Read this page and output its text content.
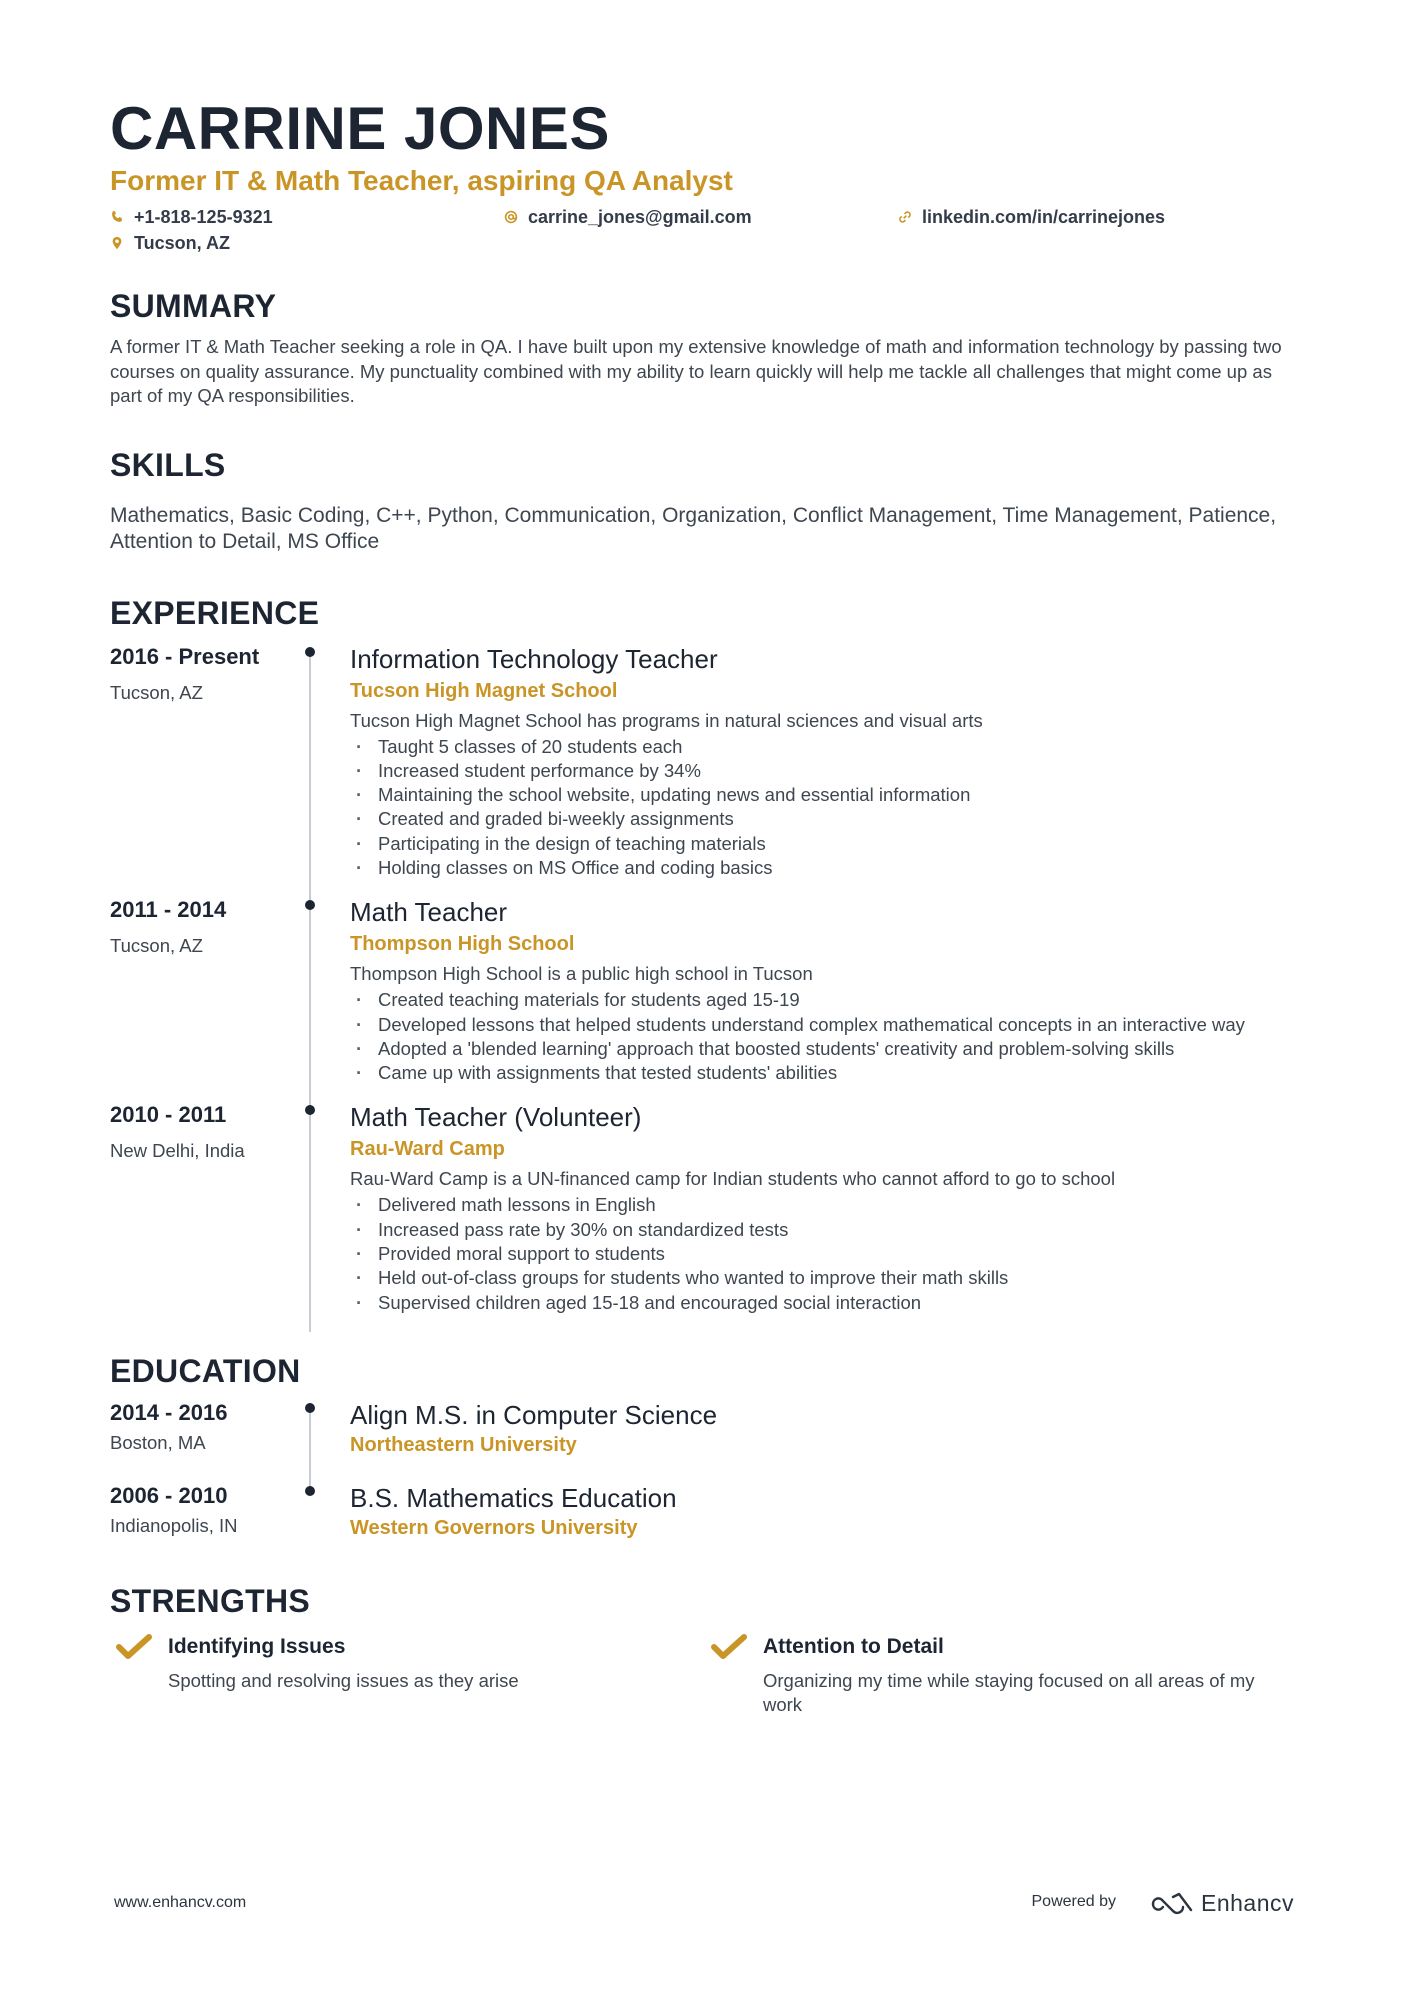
CARRINE JONES
Former IT & Math Teacher, aspiring QA Analyst
+1-818-125-9321	carrine_jones@gmail.com	linkedin.com/in/carrinejones
Tucson, AZ
SUMMARY
A former IT & Math Teacher seeking a role in QA. I have built upon my extensive knowledge of math and information technology by passing two courses on quality assurance. My punctuality combined with my ability to learn quickly will help me tackle all challenges that might come up as part of my QA responsibilities.
SKILLS
Mathematics, Basic Coding, C++, Python, Communication, Organization, Conflict Management, Time Management, Patience, Attention to Detail, MS Office
EXPERIENCE
2016 - Present
Tucson, AZ
Information Technology Teacher
Tucson High Magnet School
Tucson High Magnet School has programs in natural sciences and visual arts
· Taught 5 classes of 20 students each
· Increased student performance by 34%
· Maintaining the school website, updating news and essential information
· Created and graded bi-weekly assignments
· Participating in the design of teaching materials
· Holding classes on MS Office and coding basics
2011 - 2014
Tucson, AZ
Math Teacher
Thompson High School
Thompson High School is a public high school in Tucson
· Created teaching materials for students aged 15-19
· Developed lessons that helped students understand complex mathematical concepts in an interactive way
· Adopted a 'blended learning' approach that boosted students' creativity and problem-solving skills
· Came up with assignments that tested students' abilities
2010 - 2011
New Delhi, India
Math Teacher (Volunteer)
Rau-Ward Camp
Rau-Ward Camp is a UN-financed camp for Indian students who cannot afford to go to school
· Delivered math lessons in English
· Increased pass rate by 30% on standardized tests
· Provided moral support to students
· Held out-of-class groups for students who wanted to improve their math skills
· Supervised children aged 15-18 and encouraged social interaction
EDUCATION
2014 - 2016
Boston, MA
Align M.S. in Computer Science
Northeastern University
2006 - 2010
Indianopolis, IN
B.S. Mathematics Education
Western Governors University
STRENGTHS
Identifying Issues
Spotting and resolving issues as they arise
Attention to Detail
Organizing my time while staying focused on all areas of my work
www.enhancv.com	Powered by	Enhancv
